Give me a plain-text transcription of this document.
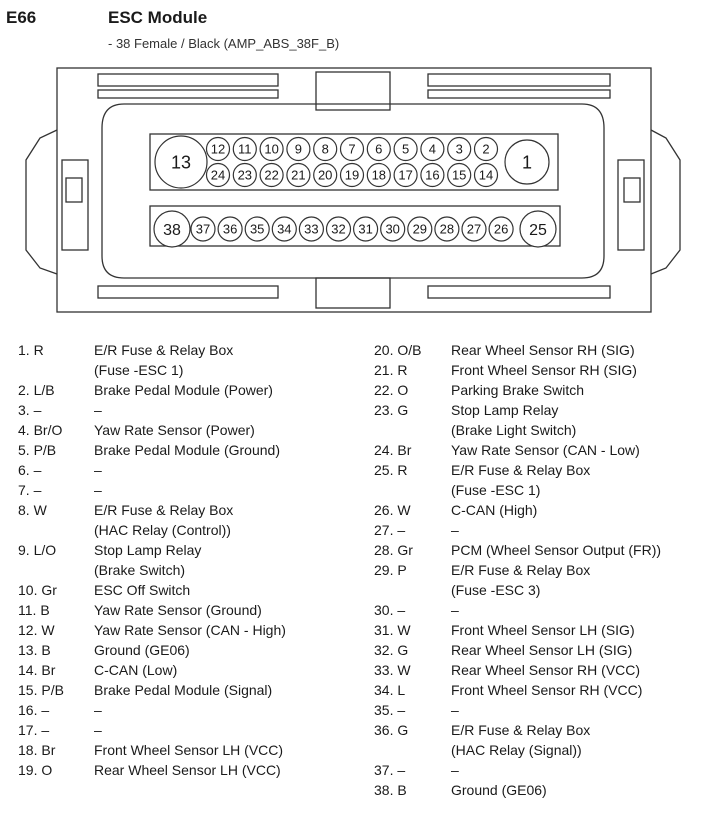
E66	ESC Module
- 38 Female / Black (AMP_ABS_38F_B)
13	1
38	25
12 11 10 9 8 7 6 5 4 3 2
24 23 22 21 20 19 18 17 16 15 14
37 36 35 34 33 32 31 30 29 28 27 26
1. R	E/R Fuse & Relay Box
(Fuse -ESC 1)
2. L/B	Brake Pedal Module (Power)
3. –	–
4. Br/O Yaw Rate Sensor (Power)
5. P/B	Brake Pedal Module (Ground)
6. –	–
7. –	–
8. W	E/R Fuse & Relay Box
(HAC Relay (Control))
9. L/O	Stop Lamp Relay
(Brake Switch)
10. Gr	ESC Off Switch
11. B	Yaw Rate Sensor (Ground)
12. W	Yaw Rate Sensor (CAN - High)
13. B	Ground (GE06)
14. Br	C-CAN (Low)
15. P/B Brake Pedal Module (Signal)
16. –	–
17. –	–
18. Br	Front Wheel Sensor LH (VCC)
19. O	Rear Wheel Sensor LH (VCC)
20. O/B Rear Wheel Sensor RH (SIG)
21. R	Front Wheel Sensor RH (SIG)
22. O	Parking Brake Switch
23. G	Stop Lamp Relay
(Brake Light Switch)
24. Br	Yaw Rate Sensor (CAN - Low)
25. R	E/R Fuse & Relay Box
(Fuse -ESC 1)
26. W	C-CAN (High)
27. –	–
28. Gr	PCM (Wheel Sensor Output (FR))
29. P	E/R Fuse & Relay Box
(Fuse -ESC 3)
30. –	–
31. W	Front Wheel Sensor LH (SIG)
32. G	Rear Wheel Sensor LH (SIG)
33. W	Rear Wheel Sensor RH (VCC)
34. L	Front Wheel Sensor RH (VCC)
35. –	–
36. G	E/R Fuse & Relay Box
(HAC Relay (Signal))
37. –	–
38. B	Ground (GE06)
